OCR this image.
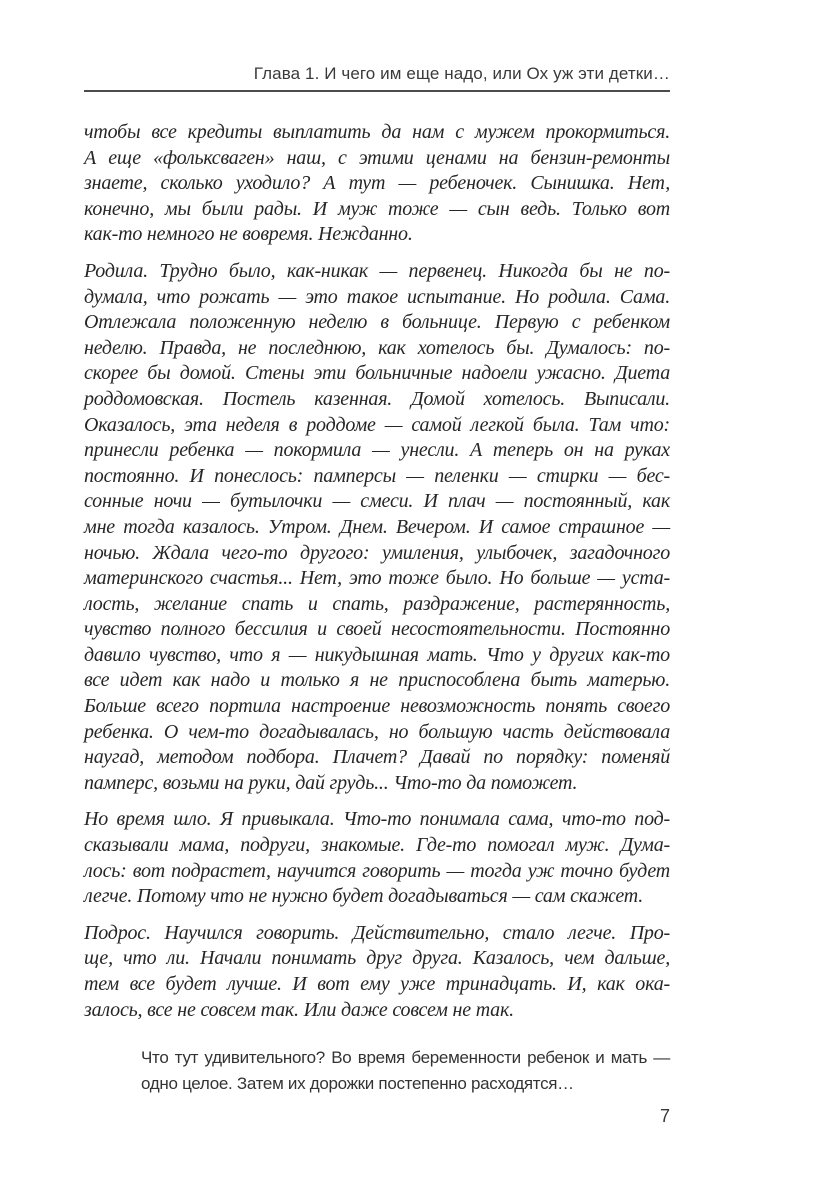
Глава 1. И чего им еще надо, или Ох уж эти детки…
чтобы все кредиты выплатить да нам с мужем прокормиться.
А еще «фольксваген» наш, с этими ценами на бензин-ремонты
знаете, сколько уходило? А тут — ребеночек. Сынишка. Нет,
конечно, мы были рады. И муж тоже — сын ведь. Только вот
как-то немного не вовремя. Нежданно.
Родила. Трудно было, как-никак — первенец. Никогда бы не по-
думала, что рожать — это такое испытание. Но родила. Сама.
Отлежала положенную неделю в больнице. Первую с ребенком
неделю. Правда, не последнюю, как хотелось бы. Думалось: по-
скорее бы домой. Стены эти больничные надоели ужасно. Диета
роддомовская. Постель казенная. Домой хотелось. Выписали.
Оказалось, эта неделя в роддоме — самой легкой была. Там что:
принесли ребенка — покормила — унесли. А теперь он на руках
постоянно. И понеслось: памперсы — пеленки — стирки — бес-
сонные ночи — бутылочки — смеси. И плач — постоянный, как
мне тогда казалось. Утром. Днем. Вечером. И самое страшное —
ночью. Ждала чего-то другого: умиления, улыбочек, загадочного
материнского счастья... Нет, это тоже было. Но больше — уста-
лость, желание спать и спать, раздражение, растерянность,
чувство полного бессилия и своей несостоятельности. Постоянно
давило чувство, что я — никудышная мать. Что у других как-то
все идет как надо и только я не приспособлена быть матерью.
Больше всего портила настроение невозможность понять своего
ребенка. О чем-то догадывалась, но большую часть действовала
наугад, методом подбора. Плачет? Давай по порядку: поменяй
памперс, возьми на руки, дай грудь... Что-то да поможет.
Но время шло. Я привыкала. Что-то понимала сама, что-то под-
сказывали мама, подруги, знакомые. Где-то помогал муж. Дума-
лось: вот подрастет, научится говорить — тогда уж точно будет
легче. Потому что не нужно будет догадываться — сам скажет.
Подрос. Научился говорить. Действительно, стало легче. Про-
ще, что ли. Начали понимать друг друга. Казалось, чем дальше,
тем все будет лучше. И вот ему уже тринадцать. И, как ока-
залось, все не совсем так. Или даже совсем не так.
Что тут удивительного? Во время беременности ребенок и мать —
одно целое. Затем их дорожки постепенно расходятся…
7
